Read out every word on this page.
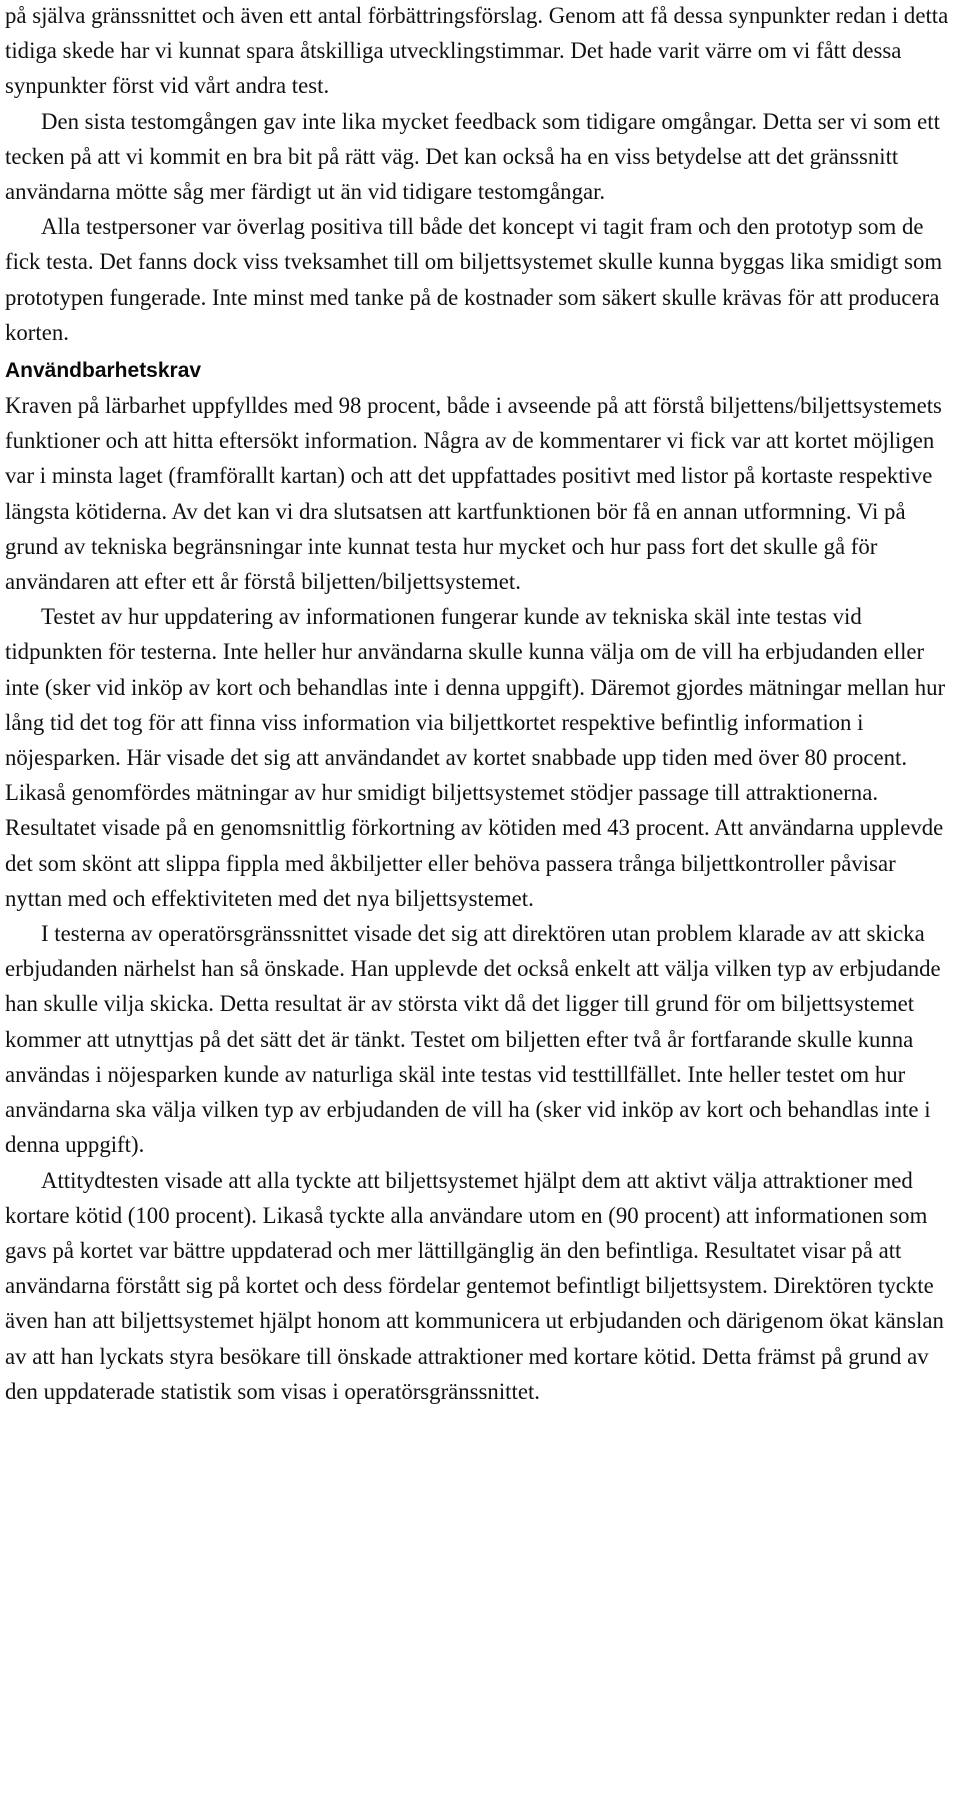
på själva gränssnittet och även ett antal förbättringsförslag. Genom att få dessa synpunkter redan i detta tidiga skede har vi kunnat spara åtskilliga utvecklingstimmar. Det hade varit värre om vi fått dessa synpunkter först vid vårt andra test.

Den sista testomgången gav inte lika mycket feedback som tidigare omgångar. Detta ser vi som ett tecken på att vi kommit en bra bit på rätt väg. Det kan också ha en viss betydelse att det gränssnitt användarna mötte såg mer färdigt ut än vid tidigare testomgångar.

Alla testpersoner var överlag positiva till både det koncept vi tagit fram och den prototyp som de fick testa. Det fanns dock viss tveksamhet till om biljettsystemet skulle kunna byggas lika smidigt som prototypen fungerade. Inte minst med tanke på de kostnader som säkert skulle krävas för att producera korten.

Användbarhetskrav

Kraven på lärbarhet uppfylldes med 98 procent, både i avseende på att förstå biljettens/biljettsystemets funktioner och att hitta eftersökt information. Några av de kommentarer vi fick var att kortet möjligen var i minsta laget (framförallt kartan) och att det uppfattades positivt med listor på kortaste respektive längsta kötiderna. Av det kan vi dra slutsatsen att kartfunktionen bör få en annan utformning. Vi på grund av tekniska begränsningar inte kunnat testa hur mycket och hur pass fort det skulle gå för användaren att efter ett år förstå biljetten/biljettsystemet.

Testet av hur uppdatering av informationen fungerar kunde av tekniska skäl inte testas vid tidpunkten för testerna. Inte heller hur användarna skulle kunna välja om de vill ha erbjudanden eller inte (sker vid inköp av kort och behandlas inte i denna uppgift). Däremot gjordes mätningar mellan hur lång tid det tog för att finna viss information via biljettkortet respektive befintlig information i nöjesparken. Här visade det sig att användandet av kortet snabbade upp tiden med över 80 procent. Likaså genomfördes mätningar av hur smidigt biljettsystemet stödjer passage till attraktionerna. Resultatet visade på en genomsnittlig förkortning av kötiden med 43 procent. Att användarna upplevde det som skönt att slippa fippla med åkbiljetter eller behöva passera trånga biljettkontroller påvisar nyttan med och effektiviteten med det nya biljettsystemet.

I testerna av operatörsgränssnittet visade det sig att direktören utan problem klarade av att skicka erbjudanden närhelst han så önskade. Han upplevde det också enkelt att välja vilken typ av erbjudande han skulle vilja skicka. Detta resultat är av största vikt då det ligger till grund för om biljettsystemet kommer att utnyttjas på det sätt det är tänkt. Testet om biljetten efter två år fortfarande skulle kunna användas i nöjesparken kunde av naturliga skäl inte testas vid testtillfället. Inte heller testet om hur användarna ska välja vilken typ av erbjudanden de vill ha (sker vid inköp av kort och behandlas inte i denna uppgift).

Attitydtesten visade att alla tyckte att biljettsystemet hjälpt dem att aktivt välja attraktioner med kortare kötid (100 procent). Likaså tyckte alla användare utom en (90 procent) att informationen som gavs på kortet var bättre uppdaterad och mer lättillgänglig än den befintliga. Resultatet visar på att användarna förstått sig på kortet och dess fördelar gentemot befintligt biljettsystem. Direktören tyckte även han att biljettsystemet hjälpt honom att kommunicera ut erbjudanden och därigenom ökat känslan av att han lyckats styra besökare till önskade attraktioner med kortare kötid. Detta främst på grund av den uppdaterade statistik som visas i operatörsgränssnittet.
